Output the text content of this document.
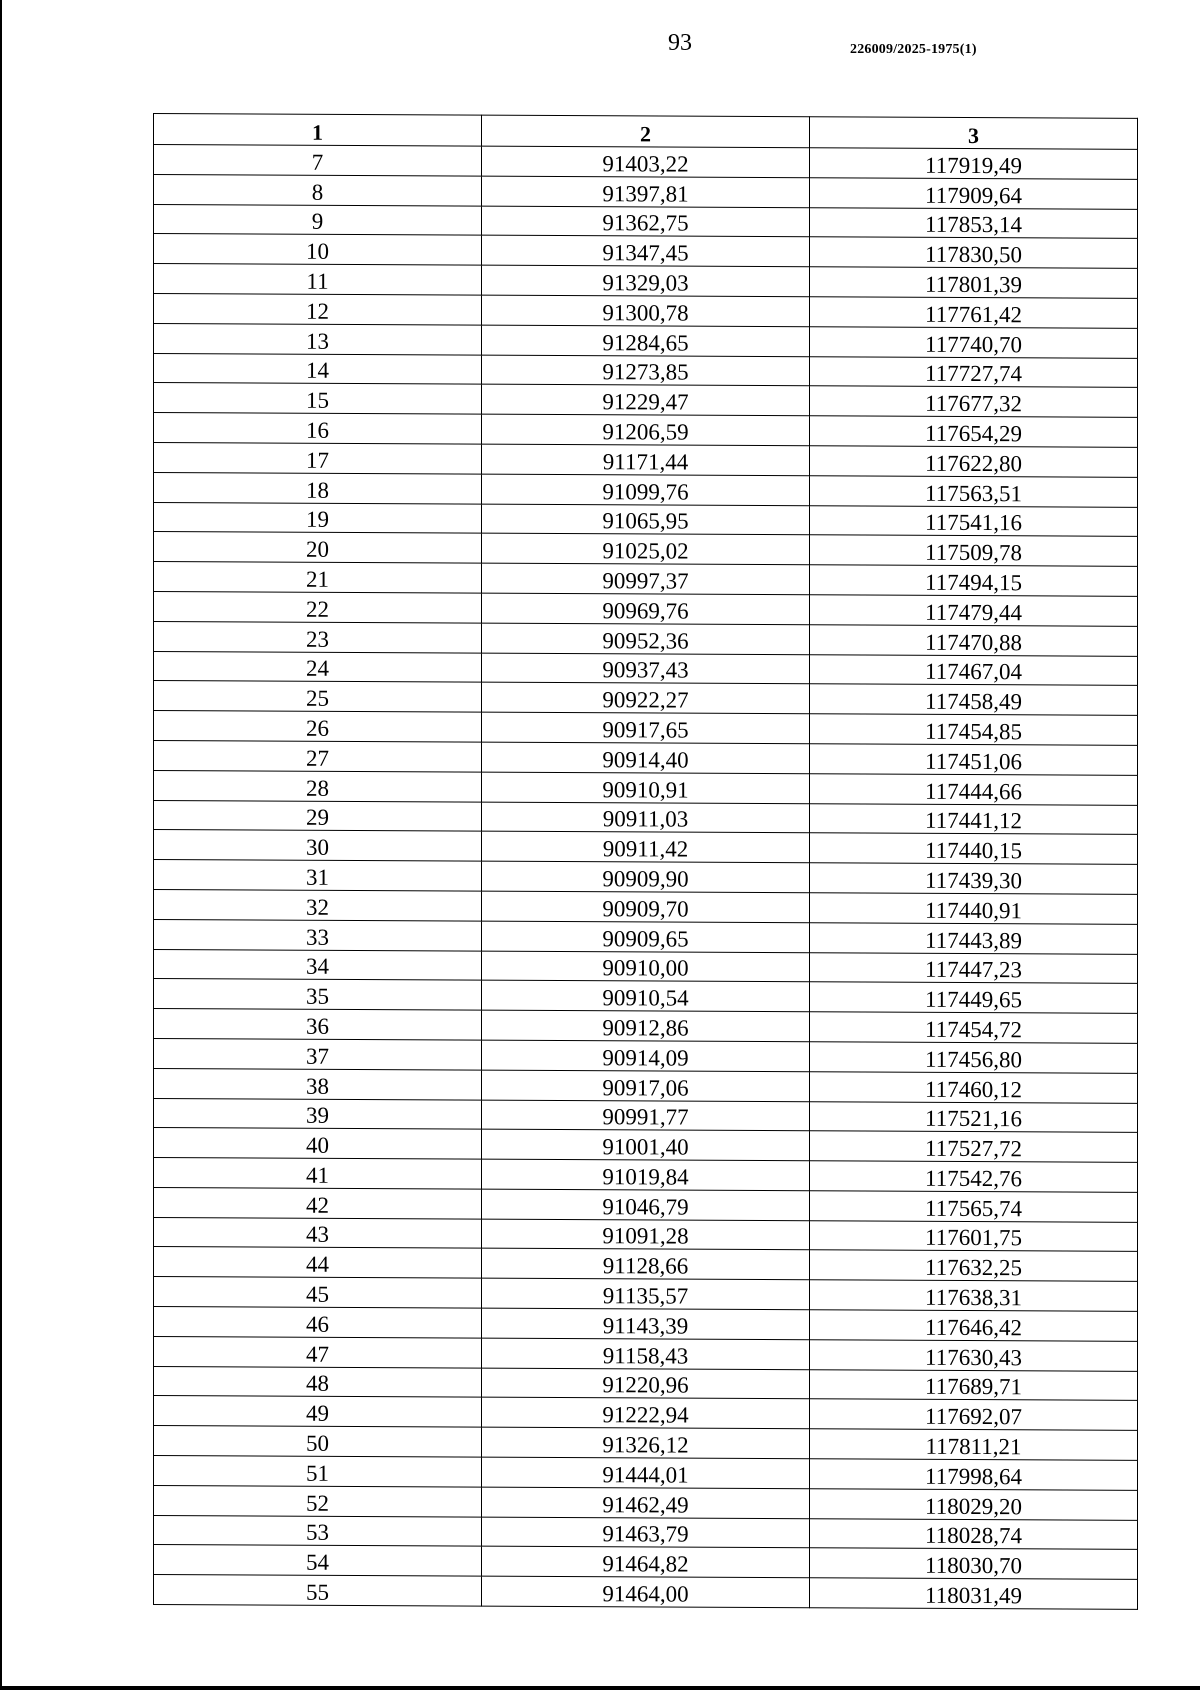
93	226009/2025-1975(1)
1	2	3
7	91403,22	117919,49
8	91397,81	117909,64
9	91362,75	117853,14
10	91347,45	117830,50
11	91329,03	117801,39
12	91300,78	117761,42
13	91284,65	117740,70
14	91273,85	117727,74
15	91229,47	117677,32
16	91206,59	117654,29
17	91171,44	117622,80
18	91099,76	117563,51
19	91065,95	117541,16
20	91025,02	117509,78
21	90997,37	117494,15
22	90969,76	117479,44
23	90952,36	117470,88
24	90937,43	117467,04
25	90922,27	117458,49
26	90917,65	117454,85
27	90914,40	117451,06
28	90910,91	117444,66
29	90911,03	117441,12
30	90911,42	117440,15
31	90909,90	117439,30
32	90909,70	117440,91
33	90909,65	117443,89
34	90910,00	117447,23
35	90910,54	117449,65
36	90912,86	117454,72
37	90914,09	117456,80
38	90917,06	117460,12
39	90991,77	117521,16
40	91001,40	117527,72
41	91019,84	117542,76
42	91046,79	117565,74
43	91091,28	117601,75
44	91128,66	117632,25
45	91135,57	117638,31
46	91143,39	117646,42
47	91158,43	117630,43
48	91220,96	117689,71
49	91222,94	117692,07
50	91326,12	117811,21
51	91444,01	117998,64
52	91462,49	118029,20
53	91463,79	118028,74
54	91464,82	118030,70
55	91464,00	118031,49
